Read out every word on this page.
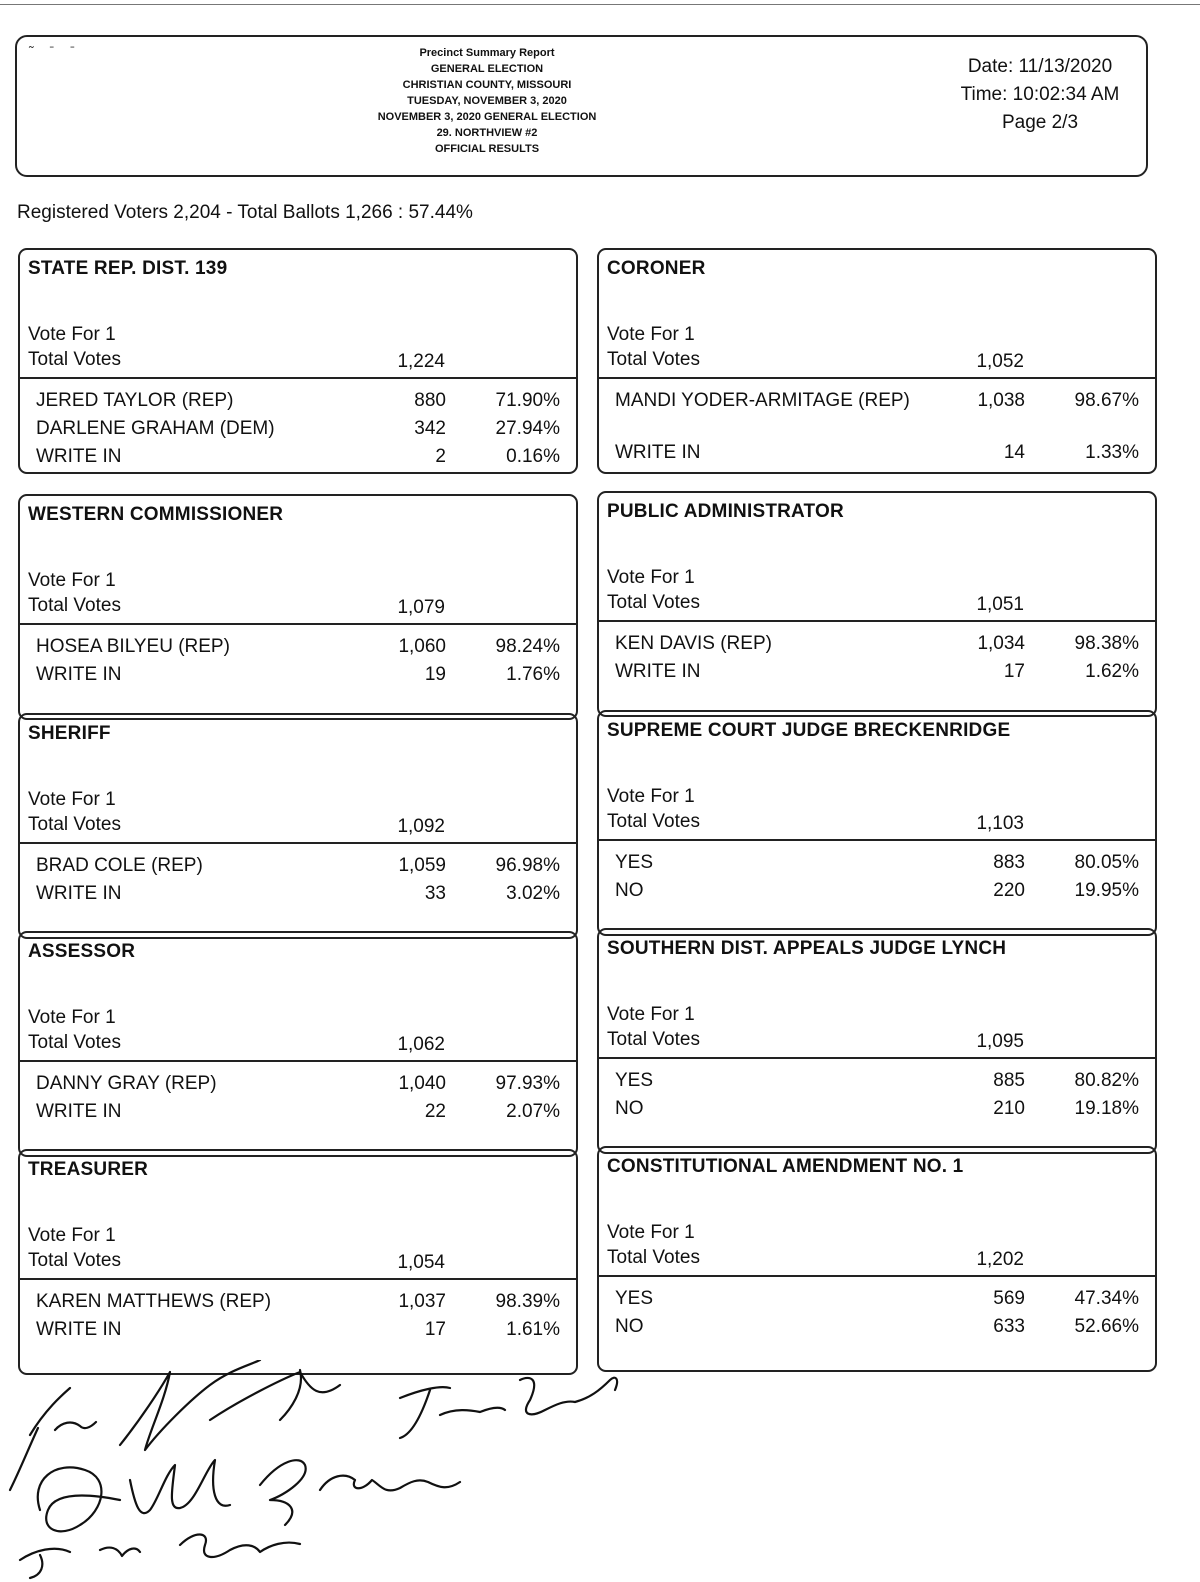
˜ ˉ ˉ	Precinct Summary Report
GENERAL ELECTION
CHRISTIAN COUNTY, MISSOURI
TUESDAY, NOVEMBER 3, 2020
NOVEMBER 3, 2020 GENERAL ELECTION
29. NORTHVIEW #2
OFFICIAL RESULTS
Date: 11/13/2020
Time: 10:02:34 AM
Page 2/3
Registered Voters 2,204 - Total Ballots 1,266 : 57.44%
STATE REP. DIST. 139
Vote For 1
Total Votes	1,224
JERED TAYLOR (REP)	880	71.90%
DARLENE GRAHAM (DEM)	342	27.94%
WRITE IN	2	0.16%
CORONER
Vote For 1
Total Votes	1,052
MANDI YODER-ARMITAGE (REP)	1,038	98.67%
WRITE IN	14	1.33%
WESTERN COMMISSIONER
Vote For 1
Total Votes	1,079
HOSEA BILYEU (REP)	1,060	98.24%
WRITE IN	19	1.76%
PUBLIC ADMINISTRATOR
Vote For 1
Total Votes	1,051
KEN DAVIS (REP)	1,034	98.38%
WRITE IN	17	1.62%
SHERIFF
Vote For 1
Total Votes	1,092
BRAD COLE (REP)	1,059	96.98%
WRITE IN	33	3.02%
SUPREME COURT JUDGE BRECKENRIDGE
Vote For 1
Total Votes	1,103
YES	883	80.05%
NO	220	19.95%
ASSESSOR
Vote For 1
Total Votes	1,062
DANNY GRAY (REP)	1,040	97.93%
WRITE IN	22	2.07%
SOUTHERN DIST. APPEALS JUDGE LYNCH
Vote For 1
Total Votes	1,095
YES	885	80.82%
NO	210	19.18%
TREASURER
Vote For 1
Total Votes	1,054
KAREN MATTHEWS (REP)	1,037	98.39%
WRITE IN	17	1.61%
CONSTITUTIONAL AMENDMENT NO. 1
Vote For 1
Total Votes	1,202
YES	569	47.34%
NO	633	52.66%
